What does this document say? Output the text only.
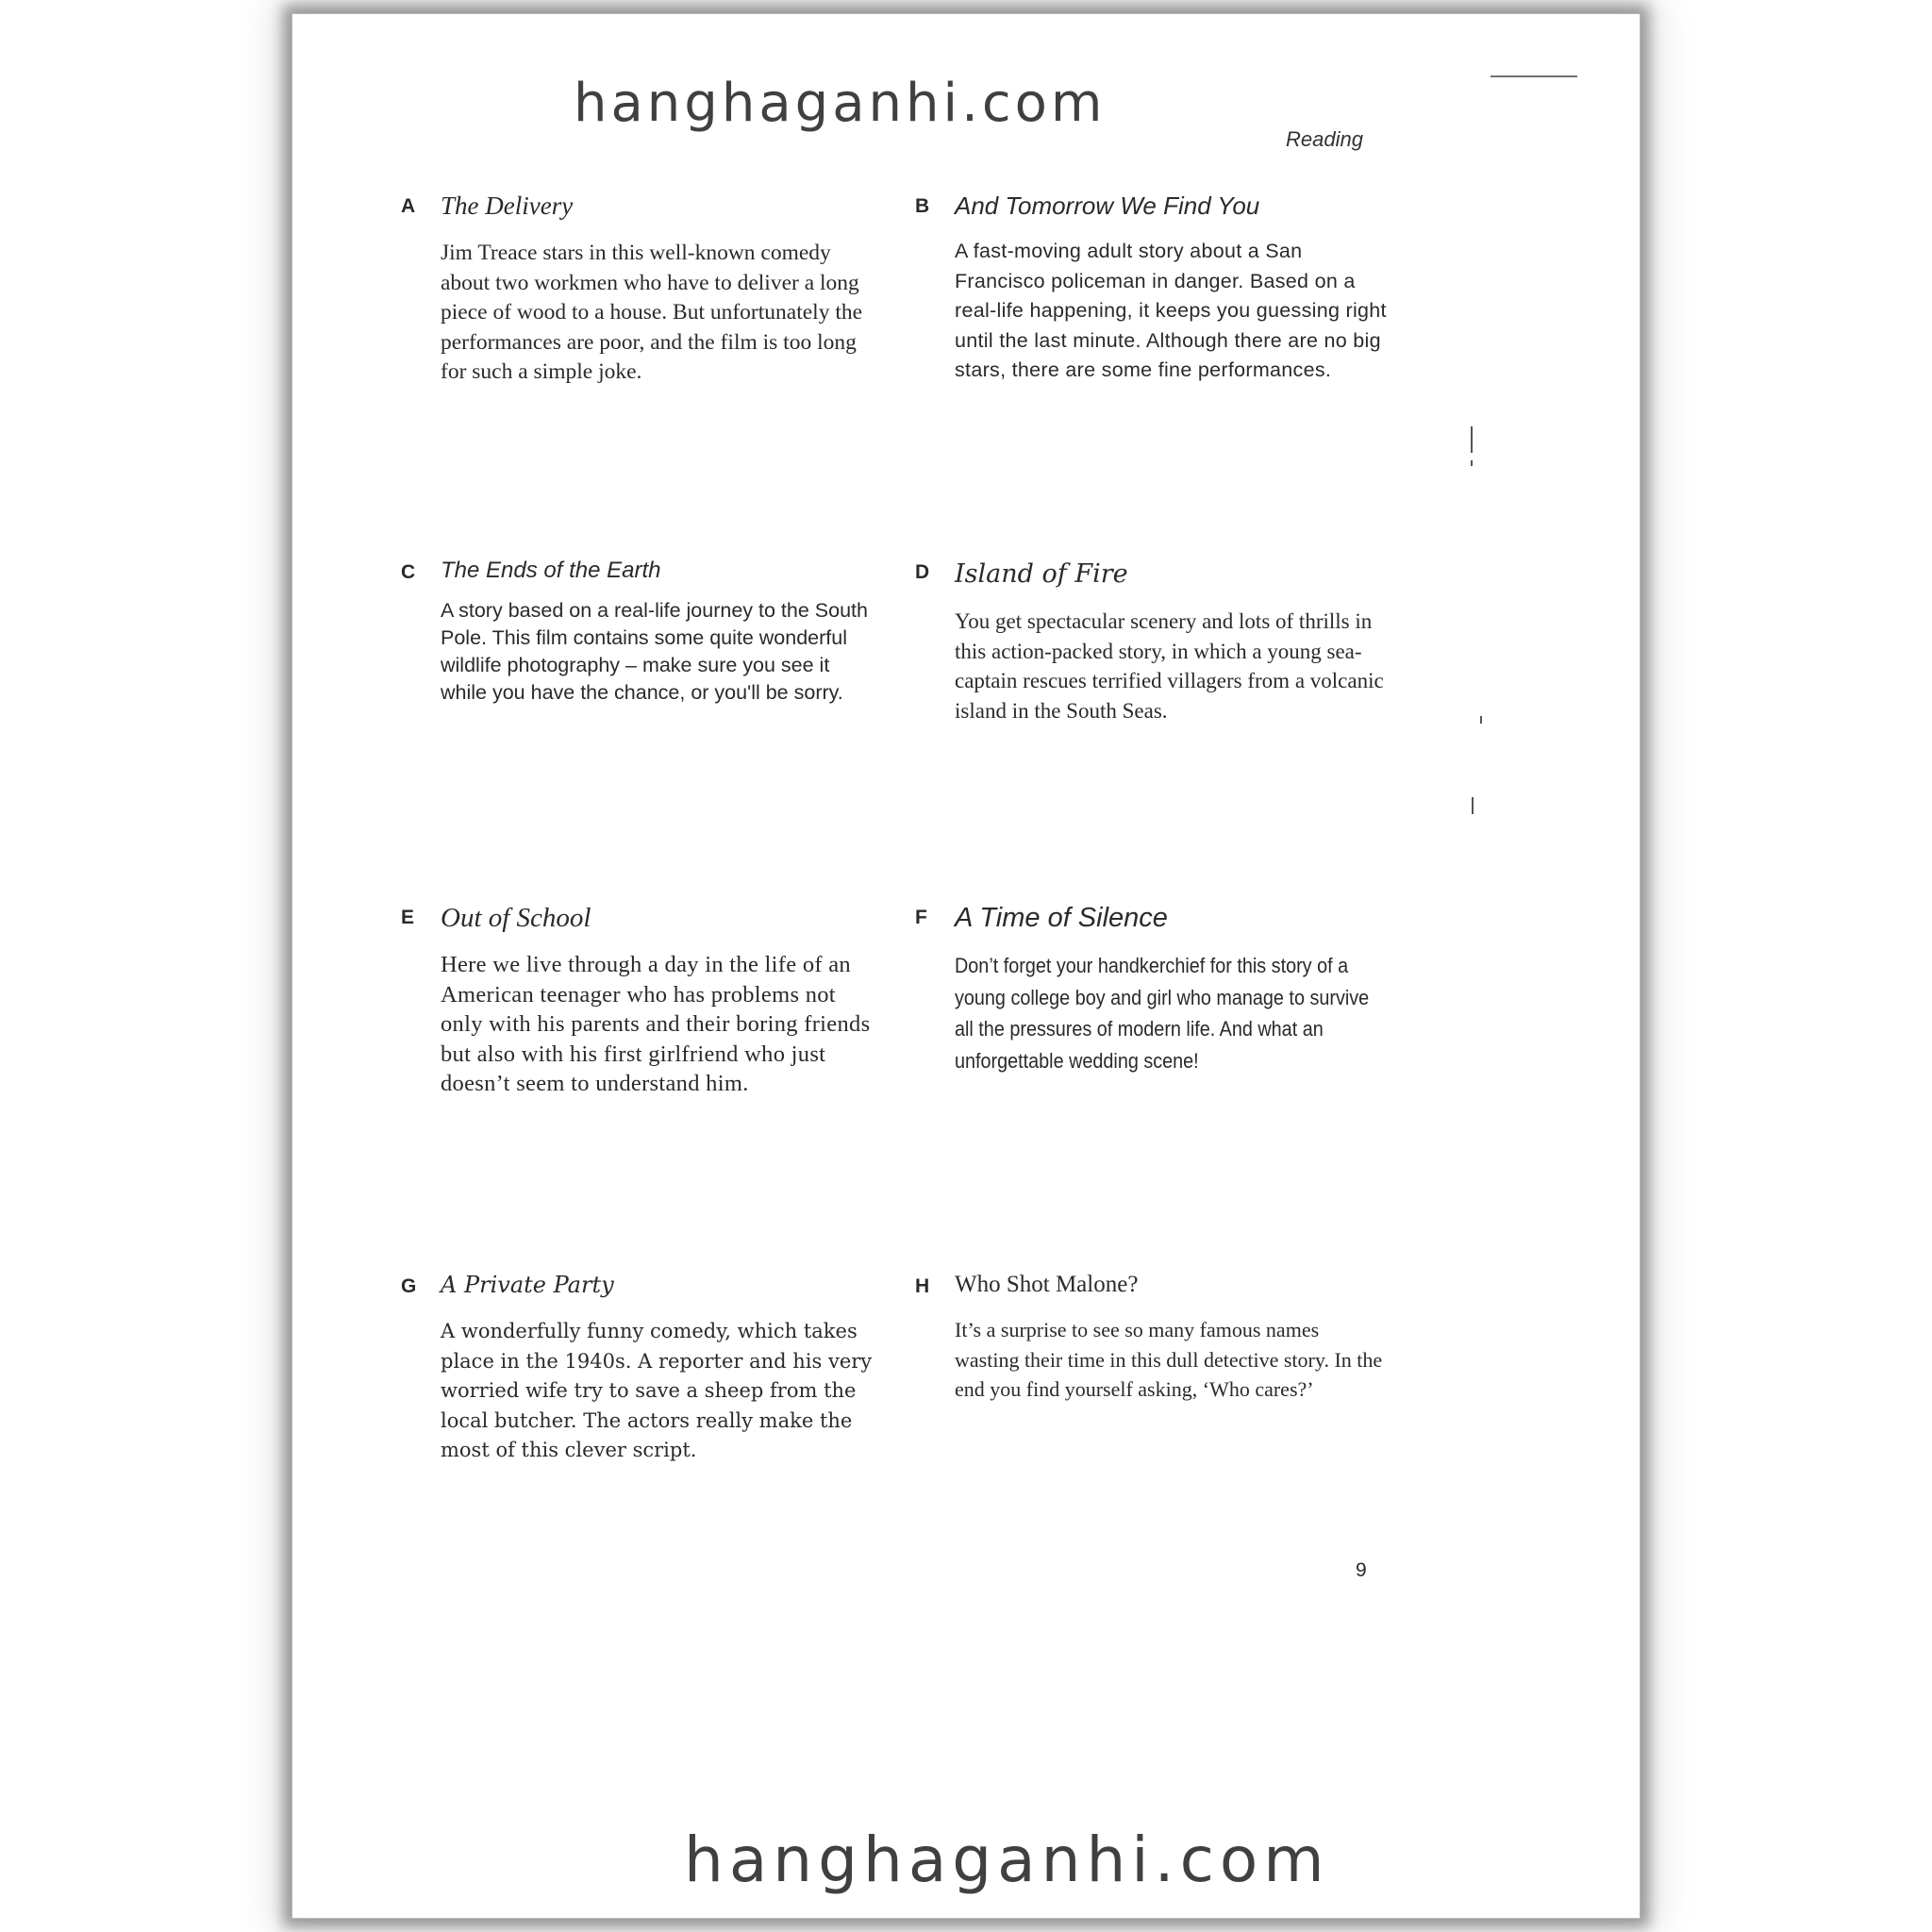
hanghaganhi.com
Reading
A The Delivery
Jim Treace stars in this well-known comedy about two workmen who have to deliver a long piece of wood to a house. But unfortunately the performances are poor, and the film is too long for such a simple joke.
B And Tomorrow We Find You
A fast-moving adult story about a San Francisco policeman in danger. Based on a real-life happening, it keeps you guessing right until the last minute. Although there are no big stars, there are some fine performances.
C The Ends of the Earth
A story based on a real-life journey to the South Pole. This film contains some quite wonderful wildlife photography – make sure you see it while you have the chance, or you'll be sorry.
D Island of Fire
You get spectacular scenery and lots of thrills in this action-packed story, in which a young sea-captain rescues terrified villagers from a volcanic island in the South Seas.
E Out of School
Here we live through a day in the life of an American teenager who has problems not only with his parents and their boring friends but also with his first girlfriend who just doesn’t seem to understand him.
F A Time of Silence
Don’t forget your handkerchief for this story of a young college boy and girl who manage to survive all the pressures of modern life. And what an unforgettable wedding scene!
G A Private Party
A wonderfully funny comedy, which takes place in the 1940s. A reporter and his very worried wife try to save a sheep from the local butcher. The actors really make the most of this clever script.
H Who Shot Malone?
It’s a surprise to see so many famous names wasting their time in this dull detective story. In the end you find yourself asking, ‘Who cares?’
9
hanghaganhi.com
